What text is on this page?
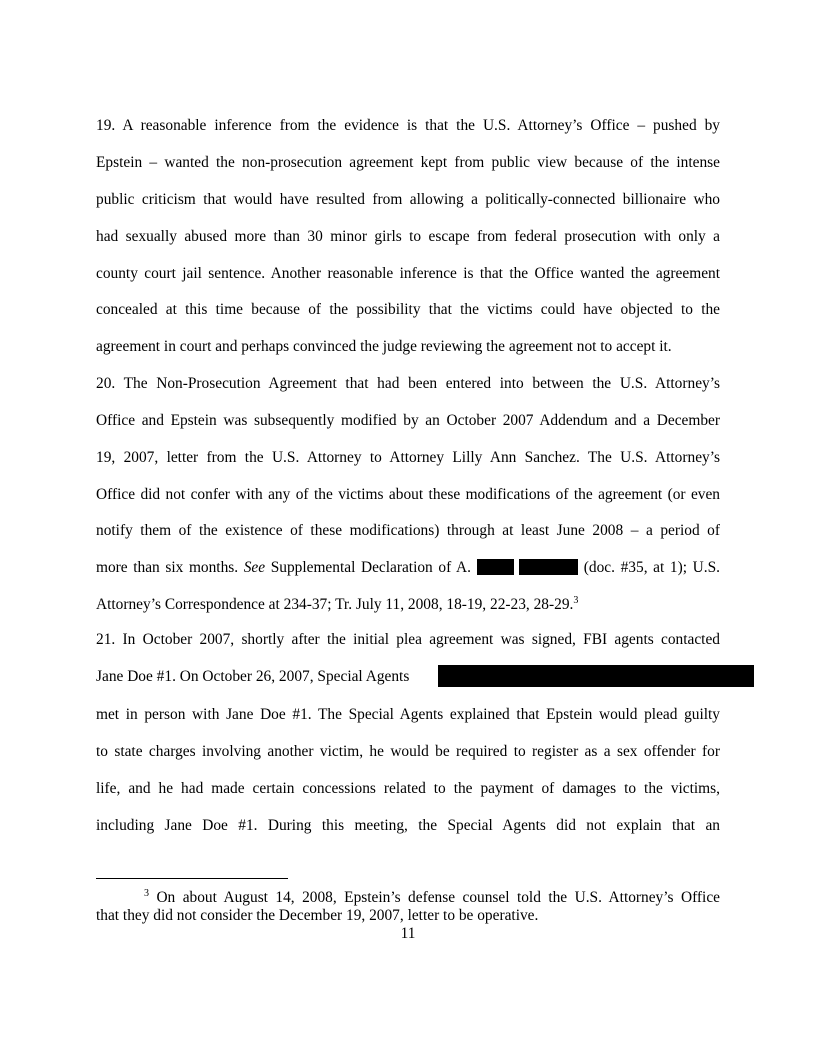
19. A reasonable inference from the evidence is that the U.S. Attorney’s Office – pushed by
Epstein – wanted the non-prosecution agreement kept from public view because of the intense
public criticism that would have resulted from allowing a politically-connected billionaire who
had sexually abused more than 30 minor girls to escape from federal prosecution with only a
county court jail sentence. Another reasonable inference is that the Office wanted the agreement
concealed at this time because of the possibility that the victims could have objected to the
agreement in court and perhaps convinced the judge reviewing the agreement not to accept it.
20. The Non-Prosecution Agreement that had been entered into between the U.S. Attorney’s
Office and Epstein was subsequently modified by an October 2007 Addendum and a December
19, 2007, letter from the U.S. Attorney to Attorney Lilly Ann Sanchez. The U.S. Attorney’s
Office did not confer with any of the victims about these modifications of the agreement (or even
notify them of the existence of these modifications) through at least June 2008 – a period of
more than six months. See Supplemental Declaration of A.	(doc. #35, at 1); U.S.
Attorney’s Correspondence at 234-37; Tr. July 11, 2008, 18-19, 22-23, 28-29.$^3$
21. In October 2007, shortly after the initial plea agreement was signed, FBI agents contacted
Jane Doe #1. On October 26, 2007, Special Agents
met in person with Jane Doe #1. The Special Agents explained that Epstein would plead guilty
to state charges involving another victim, he would be required to register as a sex offender for
life, and he had made certain concessions related to the payment of damages to the victims,
including Jane Doe #1. During this meeting, the Special Agents did not explain that an
$^3$ On about August 14, 2008, Epstein’s defense counsel told the U.S. Attorney’s Office
that they did not consider the December 19, 2007, letter to be operative.
11
